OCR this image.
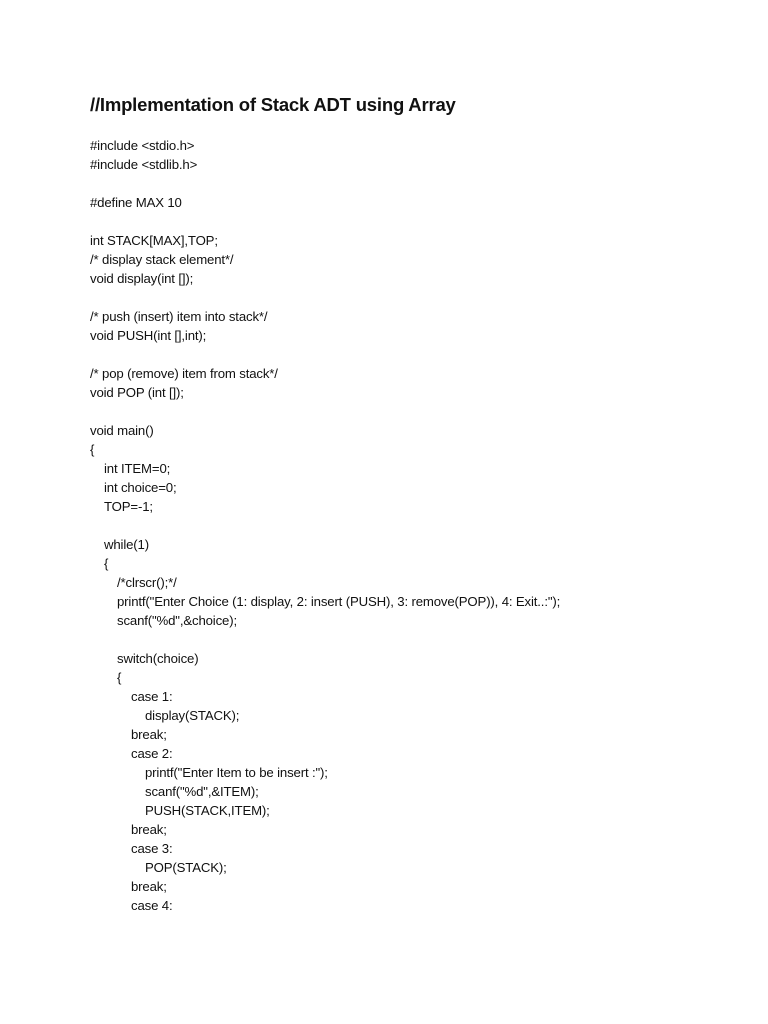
//Implementation of Stack ADT using Array
#include <stdio.h>
#include <stdlib.h>
#define MAX 10
int STACK[MAX],TOP;
/* display stack element*/
void display(int []);
/* push (insert) item into stack*/
void PUSH(int [],int);
/* pop (remove) item from stack*/
void POP (int []);
void main()
{
int ITEM=0;
int choice=0;
TOP=-1;
while(1)
{
/*clrscr();*/
printf("Enter Choice (1: display, 2: insert (PUSH), 3: remove(POP)), 4: Exit..:");
scanf("%d",&choice);
switch(choice)
{
case 1:
display(STACK);
break;
case 2:
printf("Enter Item to be insert :");
scanf("%d",&ITEM);
PUSH(STACK,ITEM);
break;
case 3:
POP(STACK);
break;
case 4:
